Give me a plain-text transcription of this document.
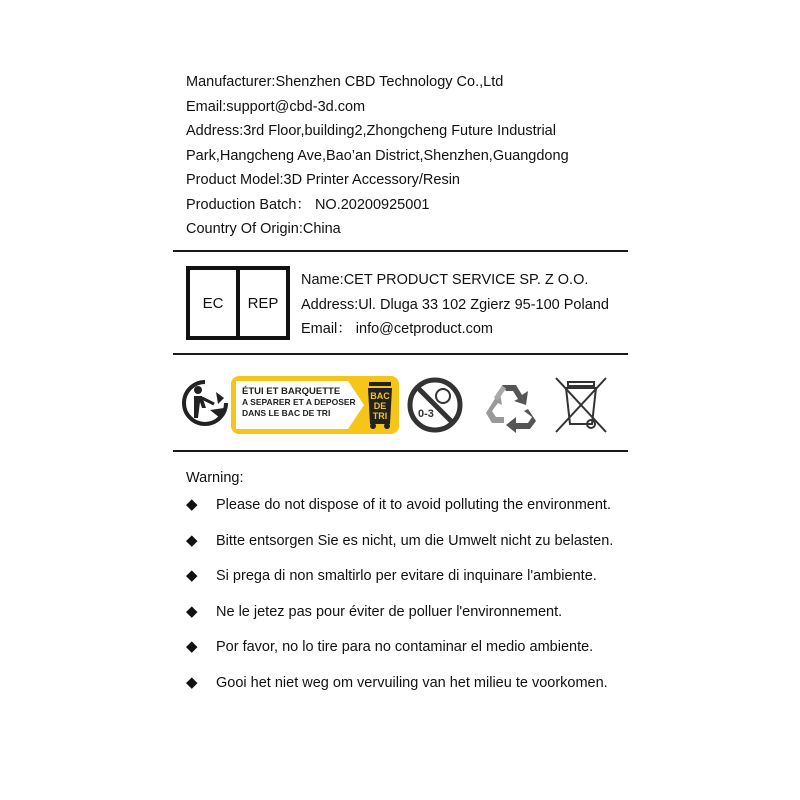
Manufacturer:Shenzhen CBD Technology Co.,Ltd
Email:support@cbd-3d.com
Address:3rd Floor,building2,Zhongcheng Future Industrial
Park,Hangcheng Ave,Bao’an District,Shenzhen,Guangdong
Product Model:3D Printer Accessory/Resin
Production Batch： NO.20200925001
Country Of Origin:China
EC	REP
Name:CET PRODUCT SERVICE SP. Z O.O.
Address:Ul. Dluga 33 102 Zgierz 95-100 Poland
Email： info@cetproduct.com
ÉTUI ET BARQUETTE
A SEPARER ET A DEPOSER
DANS LE BAC DE TRI
BAC
DE
TRI	0-3
Warning:
◆	Please do not dispose of it to avoid polluting the environment.
◆	Bitte entsorgen Sie es nicht, um die Umwelt nicht zu belasten.
◆	Si prega di non smaltirlo per evitare di inquinare l'ambiente.
◆	Ne le jetez pas pour éviter de polluer l'environnement.
◆	Por favor, no lo tire para no contaminar el medio ambiente.
◆	Gooi het niet weg om vervuiling van het milieu te voorkomen.
